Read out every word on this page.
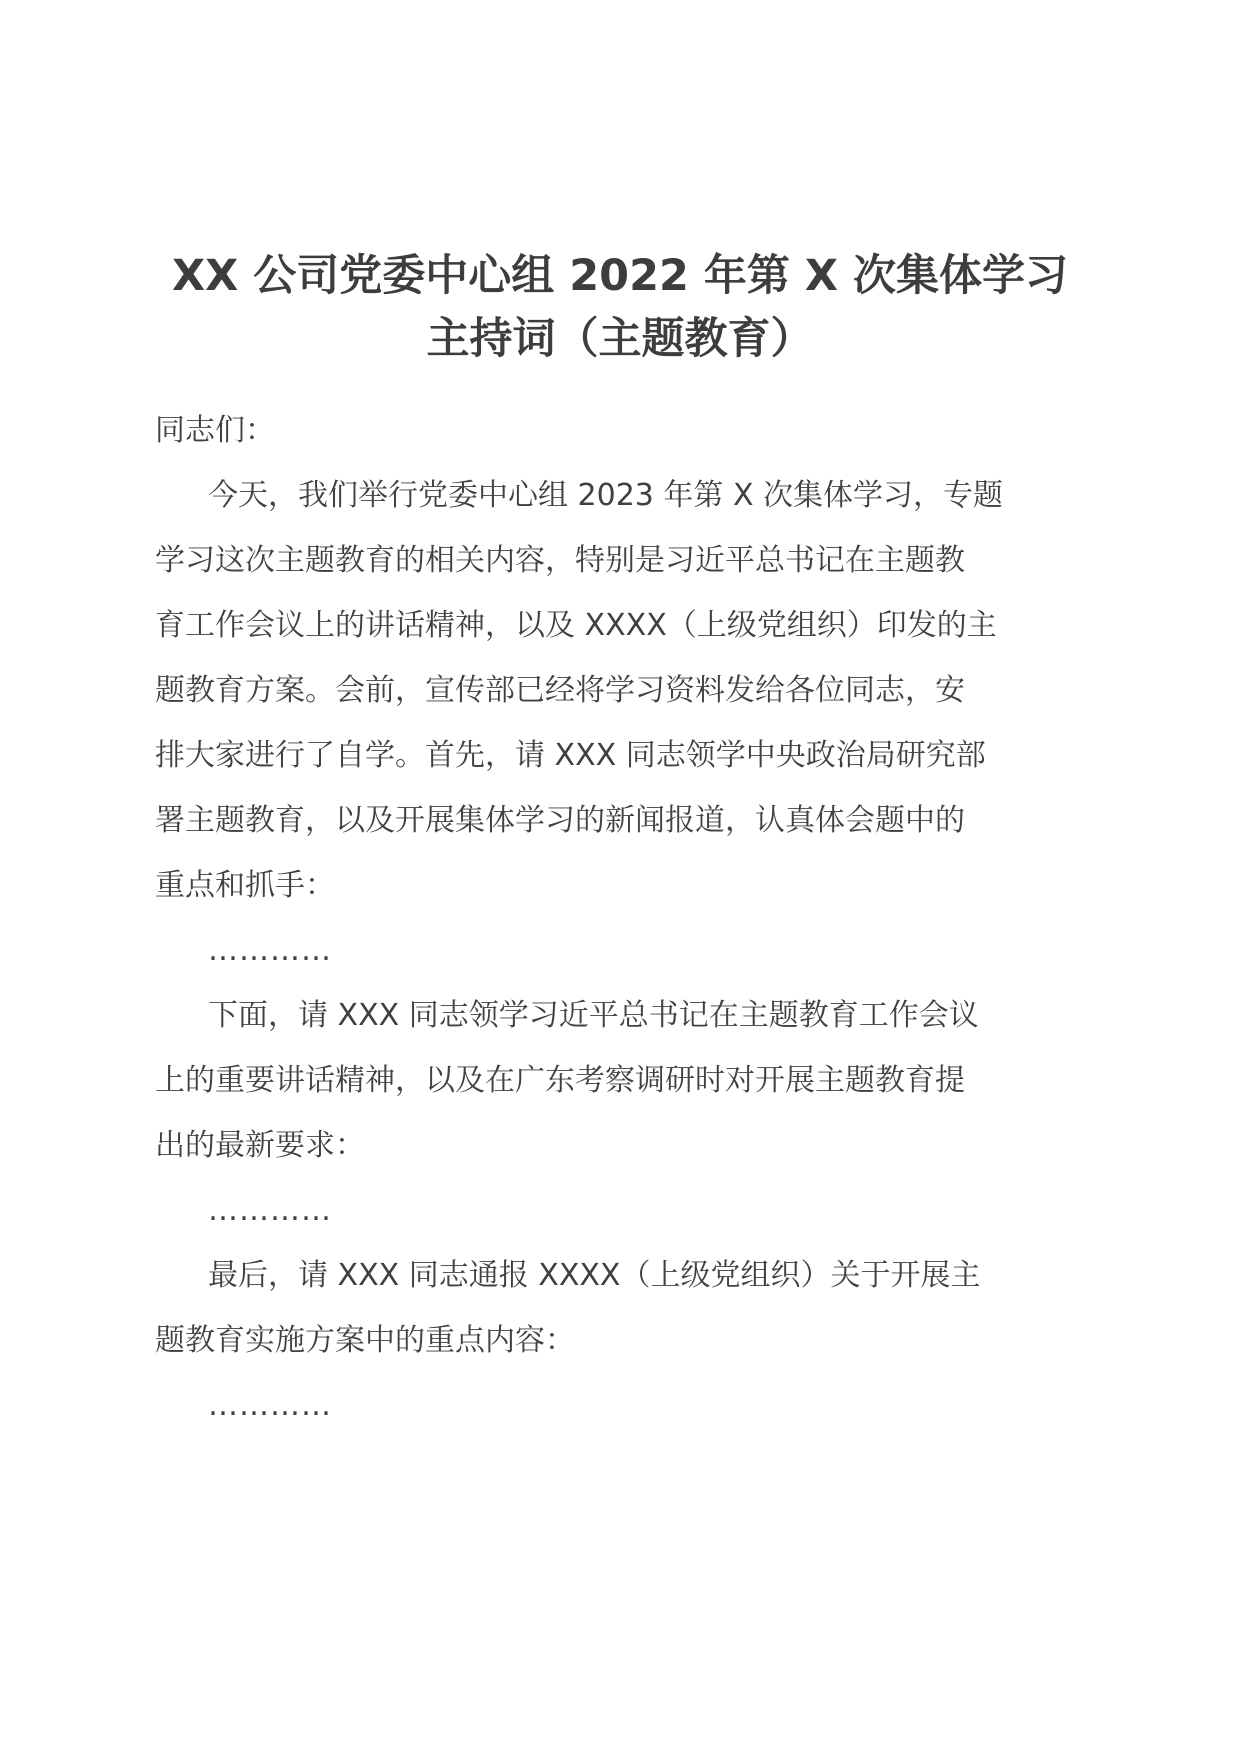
XX 公司党委中心组 2022 年第 X 次集体学习
主持词（主题教育）
同志们：
今天，我们举行党委中心组 2023 年第 X 次集体学习，专题
学习这次主题教育的相关内容，特别是习近平总书记在主题教
育工作会议上的讲话精神，以及 XXXX（上级党组织）印发的主
题教育方案。会前，宣传部已经将学习资料发给各位同志，安
排大家进行了自学。首先，请 XXX 同志领学中央政治局研究部
署主题教育，以及开展集体学习的新闻报道，认真体会题中的
重点和抓手：
…………
下面，请 XXX 同志领学习近平总书记在主题教育工作会议
上的重要讲话精神，以及在广东考察调研时对开展主题教育提
出的最新要求：
…………
最后，请 XXX 同志通报 XXXX（上级党组织）关于开展主
题教育实施方案中的重点内容：
…………
